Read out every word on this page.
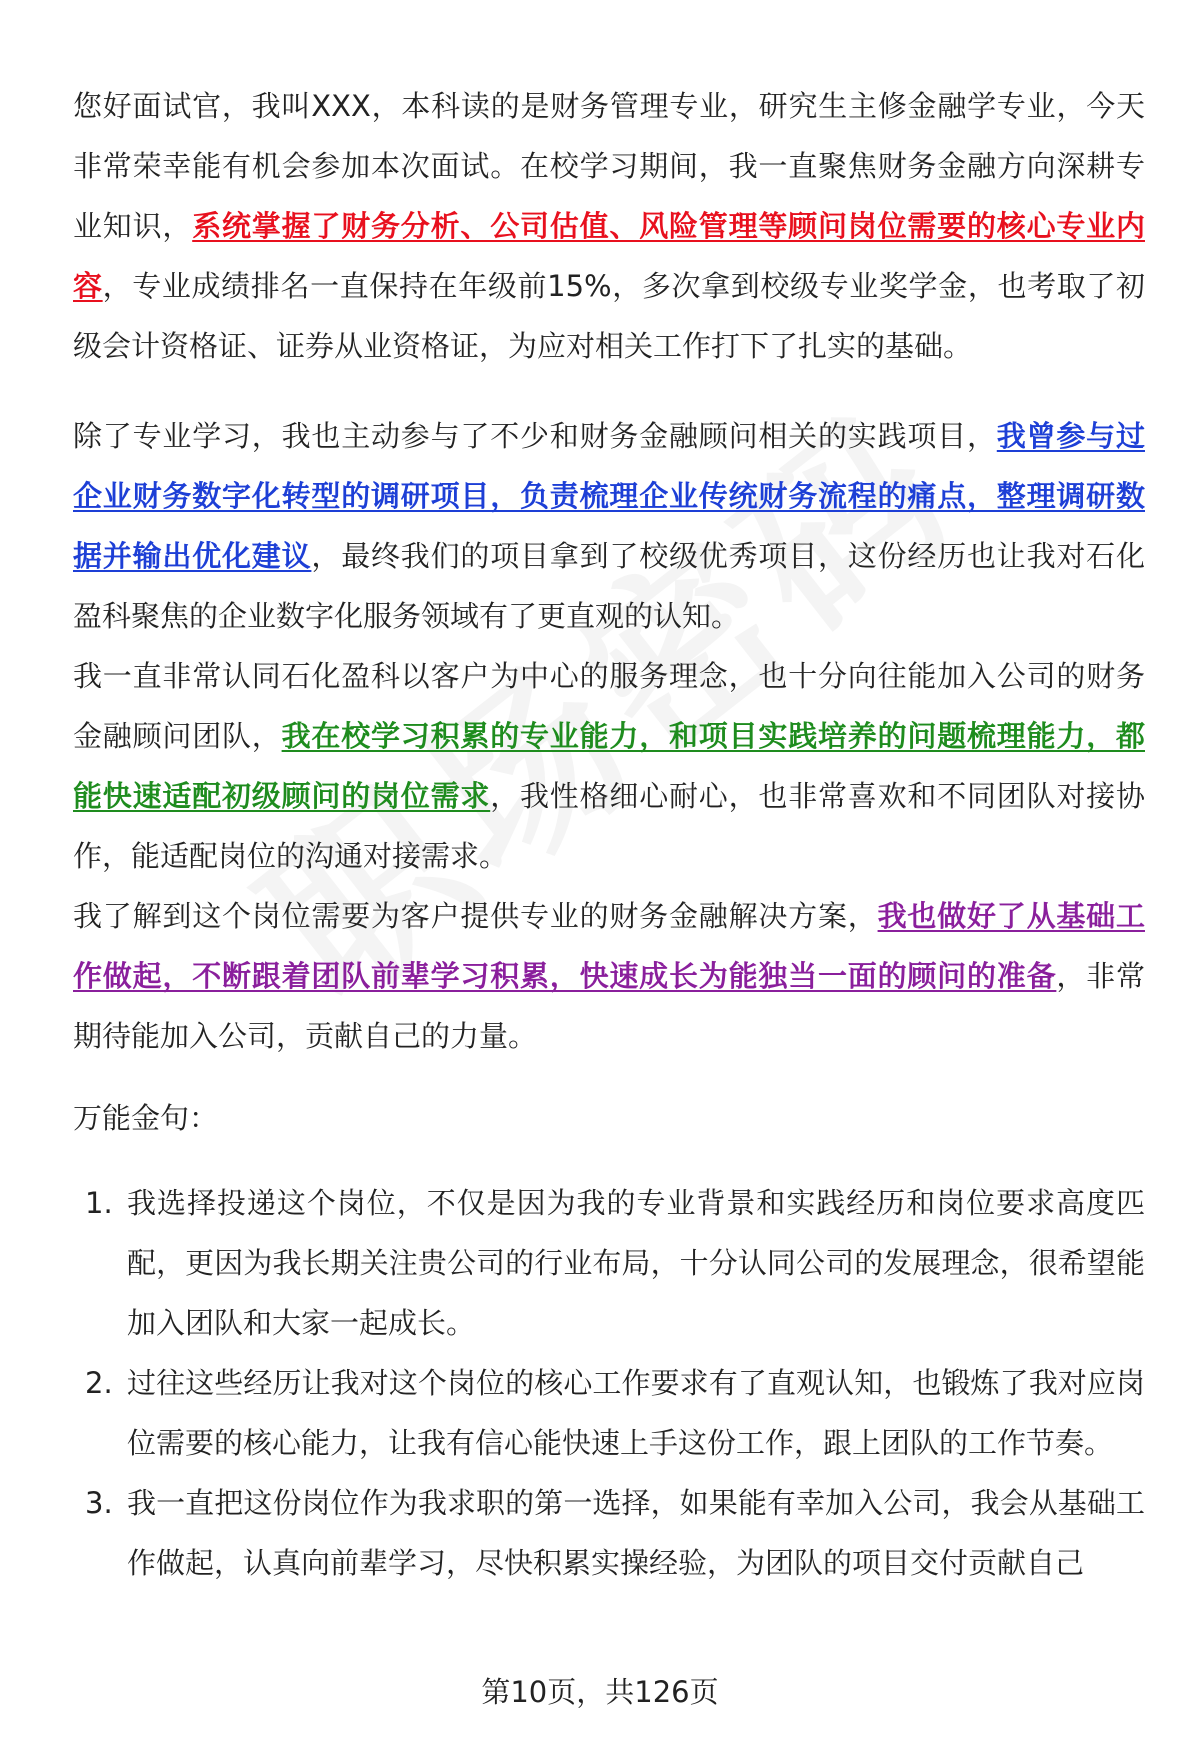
您好面试官，我叫XXX，本科读的是财务管理专业，研究生主修金融学专业，今天非常荣幸能有机会参加本次面试。在校学习期间，我一直聚焦财务金融方向深耕专业知识，系统掌握了财务分析、公司估值、风险管理等顾问岗位需要的核心专业内容，专业成绩排名一直保持在年级前15%，多次拿到校级专业奖学金，也考取了初级会计资格证、证券从业资格证，为应对相关工作打下了扎实的基础。

除了专业学习，我也主动参与了不少和财务金融顾问相关的实践项目，我曾参与过企业财务数字化转型的调研项目，负责梳理企业传统财务流程的痛点，整理调研数据并输出优化建议，最终我们的项目拿到了校级优秀项目，这份经历也让我对石化盈科聚焦的企业数字化服务领域有了更直观的认知。

我一直非常认同石化盈科以客户为中心的服务理念，也十分向往能加入公司的财务金融顾问团队，我在校学习积累的专业能力，和项目实践培养的问题梳理能力，都能快速适配初级顾问的岗位需求，我性格细心耐心，也非常喜欢和不同团队对接协作，能适配岗位的沟通对接需求。

我了解到这个岗位需要为客户提供专业的财务金融解决方案，我也做好了从基础工作做起，不断跟着团队前辈学习积累，快速成长为能独当一面的顾问的准备，非常期待能加入公司，贡献自己的力量。

万能金句：

1. 我选择投递这个岗位，不仅是因为我的专业背景和实践经历和岗位要求高度匹配，更因为我长期关注贵公司的行业布局，十分认同公司的发展理念，很希望能加入团队和大家一起成长。
2. 过往这些经历让我对这个岗位的核心工作要求有了直观认知，也锻炼了我对应岗位需要的核心能力，让我有信心能快速上手这份工作，跟上团队的工作节奏。
3. 我一直把这份岗位作为我求职的第一选择，如果能有幸加入公司，我会从基础工作做起，认真向前辈学习，尽快积累实操经验，为团队的项目交付贡献自己
第10页，共126页
